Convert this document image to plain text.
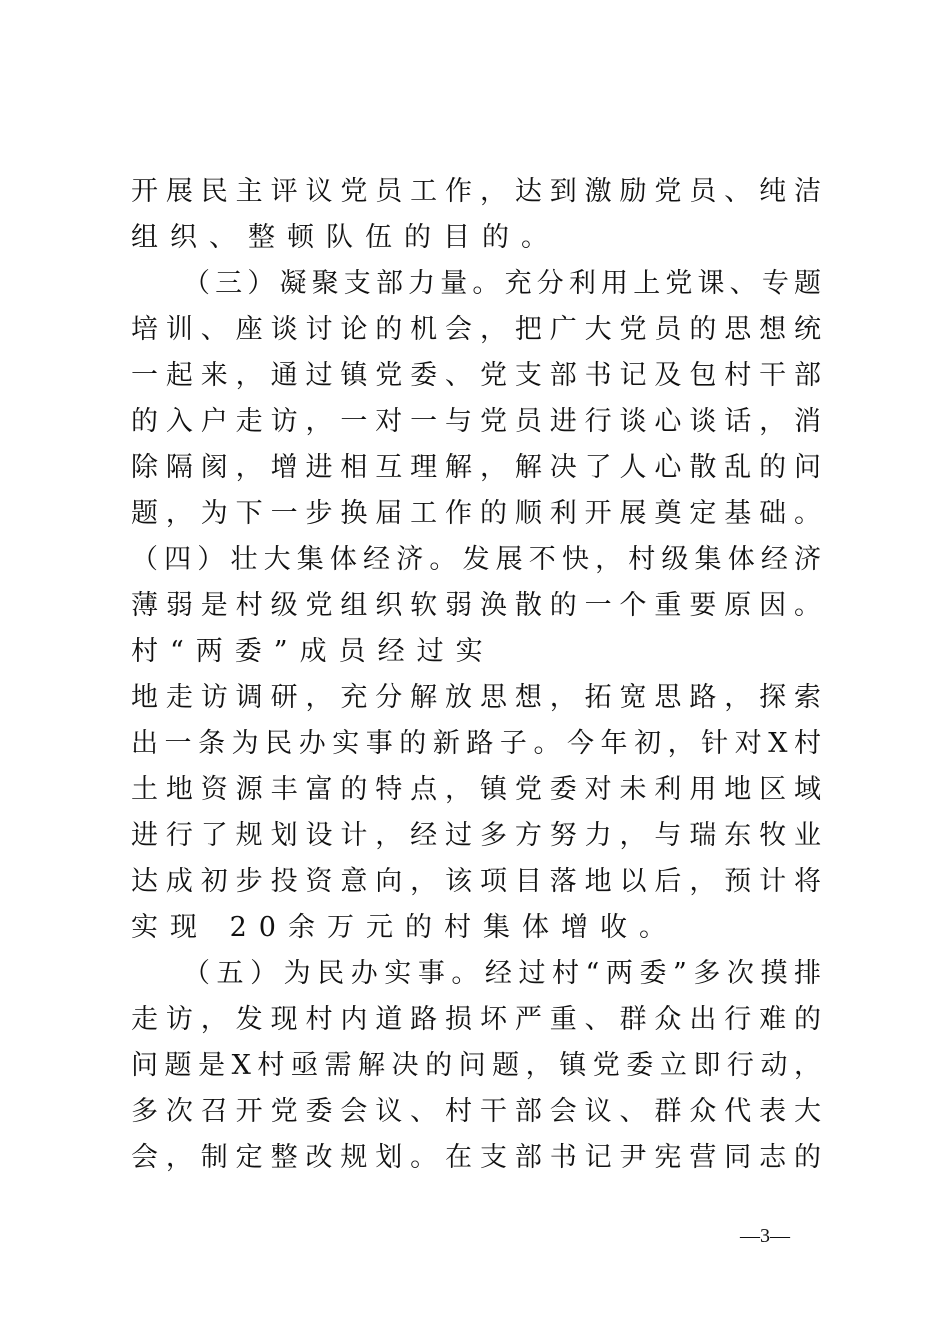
开展民主评议党员工作，达到激励党员、纯洁
组织、整顿队伍的目的。
（三）凝聚支部力量。充分利用上党课、专题
培训、座谈讨论的机会，把广大党员的思想统
一起来，通过镇党委、党支部书记及包村干部
的入户走访，一对一与党员进行谈心谈话，消
除隔阂，增进相互理解，解决了人心散乱的问
题，为下一步换届工作的顺利开展奠定基础。
（四）壮大集体经济。发展不快，村级集体经济
薄弱是村级党组织软弱涣散的一个重要原因。
村“两委”成员经过实
地走访调研，充分解放思想，拓宽思路，探索
出一条为民办实事的新路子。今年初，针对X村
土地资源丰富的特点，镇党委对未利用地区域
进行了规划设计，经过多方努力，与瑞东牧业
达成初步投资意向，该项目落地以后，预计将
实现 20余万元的村集体增收。
（五）为民办实事。经过村“两委”多次摸排
走访，发现村内道路损坏严重、群众出行难的
问题是X村亟需解决的问题，镇党委立即行动，
多次召开党委会议、村干部会议、群众代表大
会，制定整改规划。在支部书记尹宪营同志的
—3—
